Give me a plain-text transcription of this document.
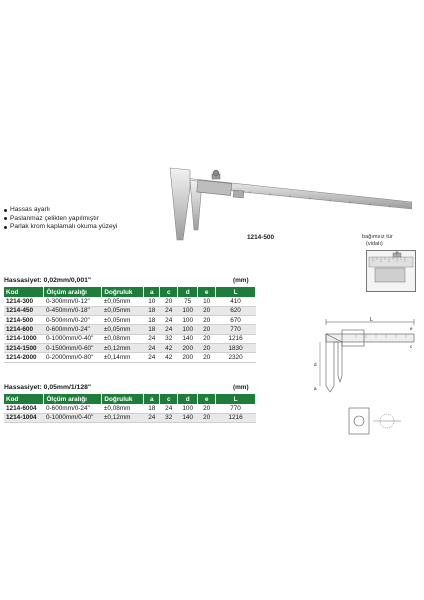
Hassas ayarlı
Paslanmaz çelikten yapılmıştır
Parlak krom kaplamalı okuma yüzeyi
1214-500	bağımsız tür
(vidalı)
Hassasiyet: 0,02mm/0,001"	(mm)
Kod	Ölçüm aralığı	Doğruluk	a	c	d	e	L
1214-300	0-300mm/0-12"	±0,05mm	10	20	75	10	410
1214-450	0-450mm/0-18"	±0,05mm	18	24	100	20	620
1214-500	0-500mm/0-20"	±0,05mm	18	24	100	20	670
1214-600	0-600mm/0-24"	±0,05mm	18	24	100	20	770
1214-1000	0-1000mm/0-40"	±0,08mm	24	32	140	20	1216
1214-1500	0-1500mm/0-60"	±0,12mm	24	42	200	20	1830
1214-2000	0-2000mm/0-80"	±0,14mm	24	42	200	20	2320
Hassasiyet: 0,05mm/1/128"	(mm)
Kod	Ölçüm aralığı	Doğruluk	a	c	d	e	L
1214-6004	0-600mm/0-24"	±0,08mm	18	24	100	20	770
1214-1004	0-1000mm/0-40"	±0,12mm	24	32	140	20	1216
L
d
a
c
e
